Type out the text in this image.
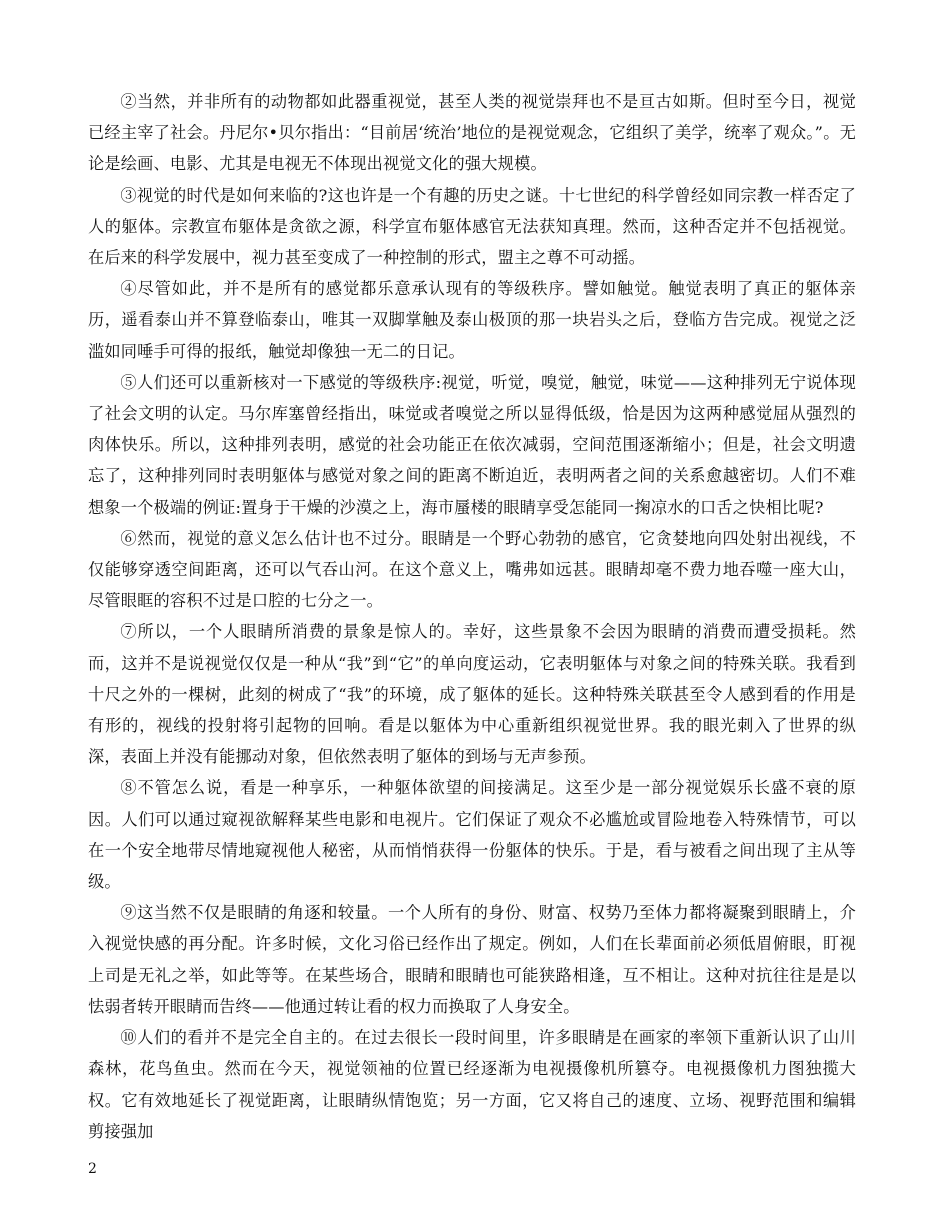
②当然，并非所有的动物都如此器重视觉，甚至人类的视觉崇拜也不是亘古如斯。但时至今日，视觉已经主宰了社会。丹尼尔•贝尔指出：“目前居‘统治’地位的是视觉观念，它组织了美学，统率了观众。”。无论是绘画、电影、尤其是电视无不体现出视觉文化的强大规模。

③视觉的时代是如何来临的?这也许是一个有趣的历史之谜。十七世纪的科学曾经如同宗教一样否定了人的躯体。宗教宣布躯体是贪欲之源，科学宣布躯体感官无法获知真理。然而，这种否定并不包括视觉。在后来的科学发展中，视力甚至变成了一种控制的形式，盟主之尊不可动摇。

④尽管如此，并不是所有的感觉都乐意承认现有的等级秩序。譬如触觉。触觉表明了真正的躯体亲历，遥看泰山并不算登临泰山，唯其一双脚掌触及泰山极顶的那一块岩头之后，登临方告完成。视觉之泛滥如同唾手可得的报纸，触觉却像独一无二的日记。

⑤人们还可以重新核对一下感觉的等级秩序:视觉，听觉，嗅觉，触觉，味觉——这种排列无宁说体现了社会文明的认定。马尔库塞曾经指出，味觉或者嗅觉之所以显得低级，恰是因为这两种感觉屈从强烈的肉体快乐。所以，这种排列表明，感觉的社会功能正在依次减弱，空间范围逐渐缩小；但是，社会文明遗忘了，这种排列同时表明躯体与感觉对象之间的距离不断迫近，表明两者之间的关系愈越密切。人们不难想象一个极端的例证:置身于干燥的沙漠之上，海市蜃楼的眼睛享受怎能同一掬凉水的口舌之快相比呢?

⑥然而，视觉的意义怎么估计也不过分。眼睛是一个野心勃勃的感官，它贪婪地向四处射出视线，不仅能够穿透空间距离，还可以气吞山河。在这个意义上，嘴弗如远甚。眼睛却毫不费力地吞噬一座大山，尽管眼眶的容积不过是口腔的七分之一。

⑦所以，一个人眼睛所消费的景象是惊人的。幸好，这些景象不会因为眼睛的消费而遭受损耗。然而，这并不是说视觉仅仅是一种从“我”到“它”的单向度运动，它表明躯体与对象之间的特殊关联。我看到十尺之外的一棵树，此刻的树成了“我”的环境，成了躯体的延长。这种特殊关联甚至令人感到看的作用是有形的，视线的投射将引起物的回响。看是以躯体为中心重新组织视觉世界。我的眼光刺入了世界的纵深，表面上并没有能挪动对象，但依然表明了躯体的到场与无声参预。

⑧不管怎么说，看是一种享乐，一种躯体欲望的间接满足。这至少是一部分视觉娱乐长盛不衰的原因。人们可以通过窥视欲解释某些电影和电视片。它们保证了观众不必尴尬或冒险地卷入特殊情节，可以在一个安全地带尽情地窥视他人秘密，从而悄悄获得一份躯体的快乐。于是，看与被看之间出现了主从等级。

⑨这当然不仅是眼睛的角逐和较量。一个人所有的身份、财富、权势乃至体力都将凝聚到眼睛上，介入视觉快感的再分配。许多时候，文化习俗已经作出了规定。例如，人们在长辈面前必须低眉俯眼，盯视上司是无礼之举，如此等等。在某些场合，眼睛和眼睛也可能狭路相逢，互不相让。这种对抗往往是是以怯弱者转开眼睛而告终——他通过转让看的权力而换取了人身安全。

⑩人们的看并不是完全自主的。在过去很长一段时间里，许多眼睛是在画家的率领下重新认识了山川森林，花鸟鱼虫。然而在今天，视觉领袖的位置已经逐渐为电视摄像机所篡夺。电视摄像机力图独揽大权。它有效地延长了视觉距离，让眼睛纵情饱览；另一方面，它又将自己的速度、立场、视野范围和编辑剪接强加

2
